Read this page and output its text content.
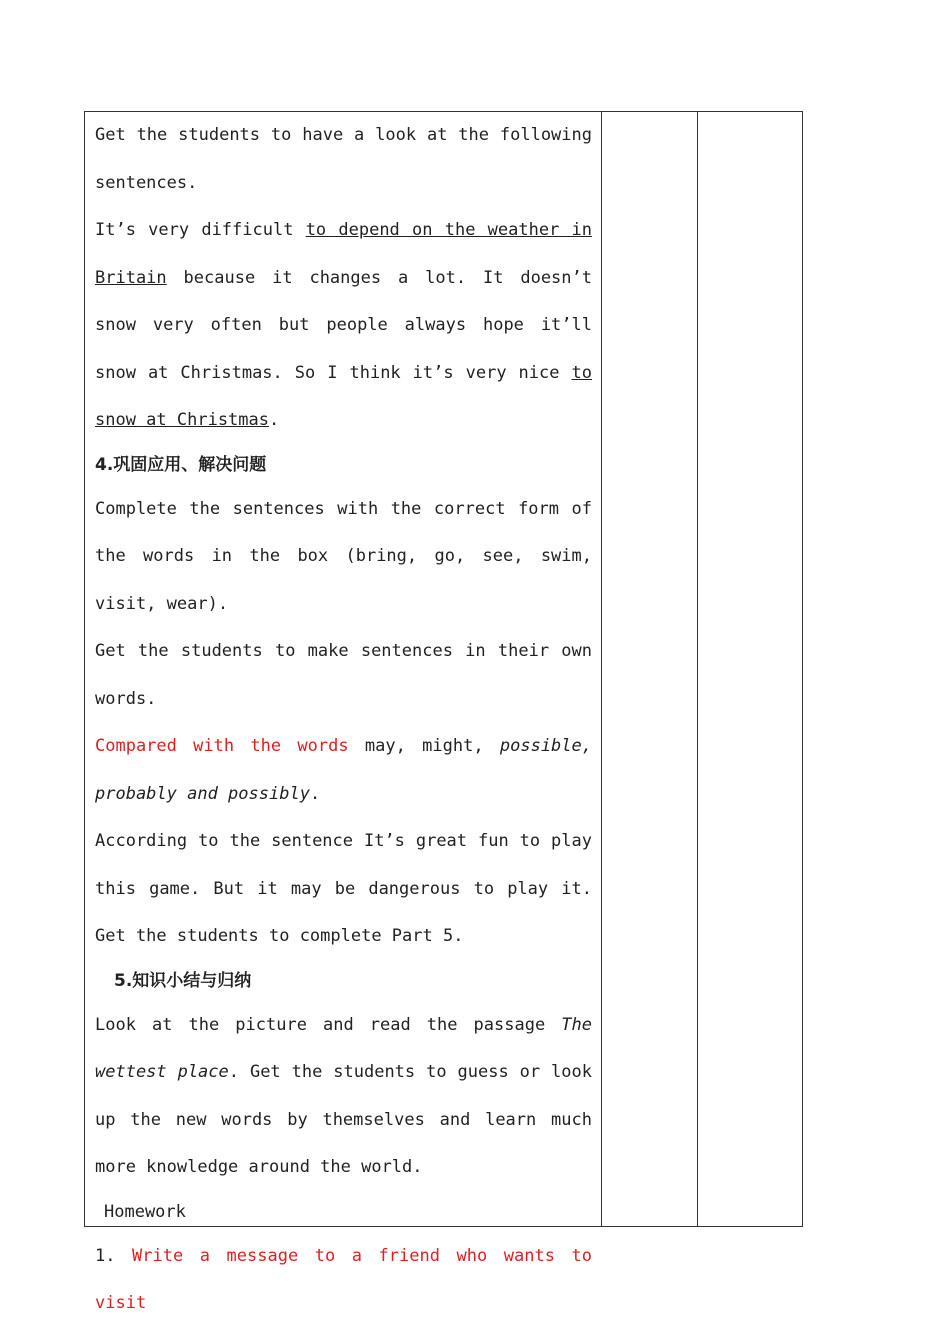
Get the students to have a look at the following
sentences.
It’s very difficult to depend on the weather in Britain because it changes a lot. It doesn’t snow very often but people always hope it’ll snow at Christmas. So I think it’s very nice to snow at Christmas.
4.巩固应用、解决问题
Complete the sentences with the correct form of the words in the box (bring, go, see, swim, visit, wear).
Get the students to make sentences in their own words.
Compared with the words may, might, possible, probably and possibly.
According to the sentence It’s great fun to play this game. But it may be dangerous to play it. Get the students to complete Part 5.
5.知识小结与归纳
Look at the picture and read the passage The wettest place. Get the students to guess or look up the new words by themselves and learn much more knowledge around the world.
Homework
1. Write a message to a friend who wants to visit
